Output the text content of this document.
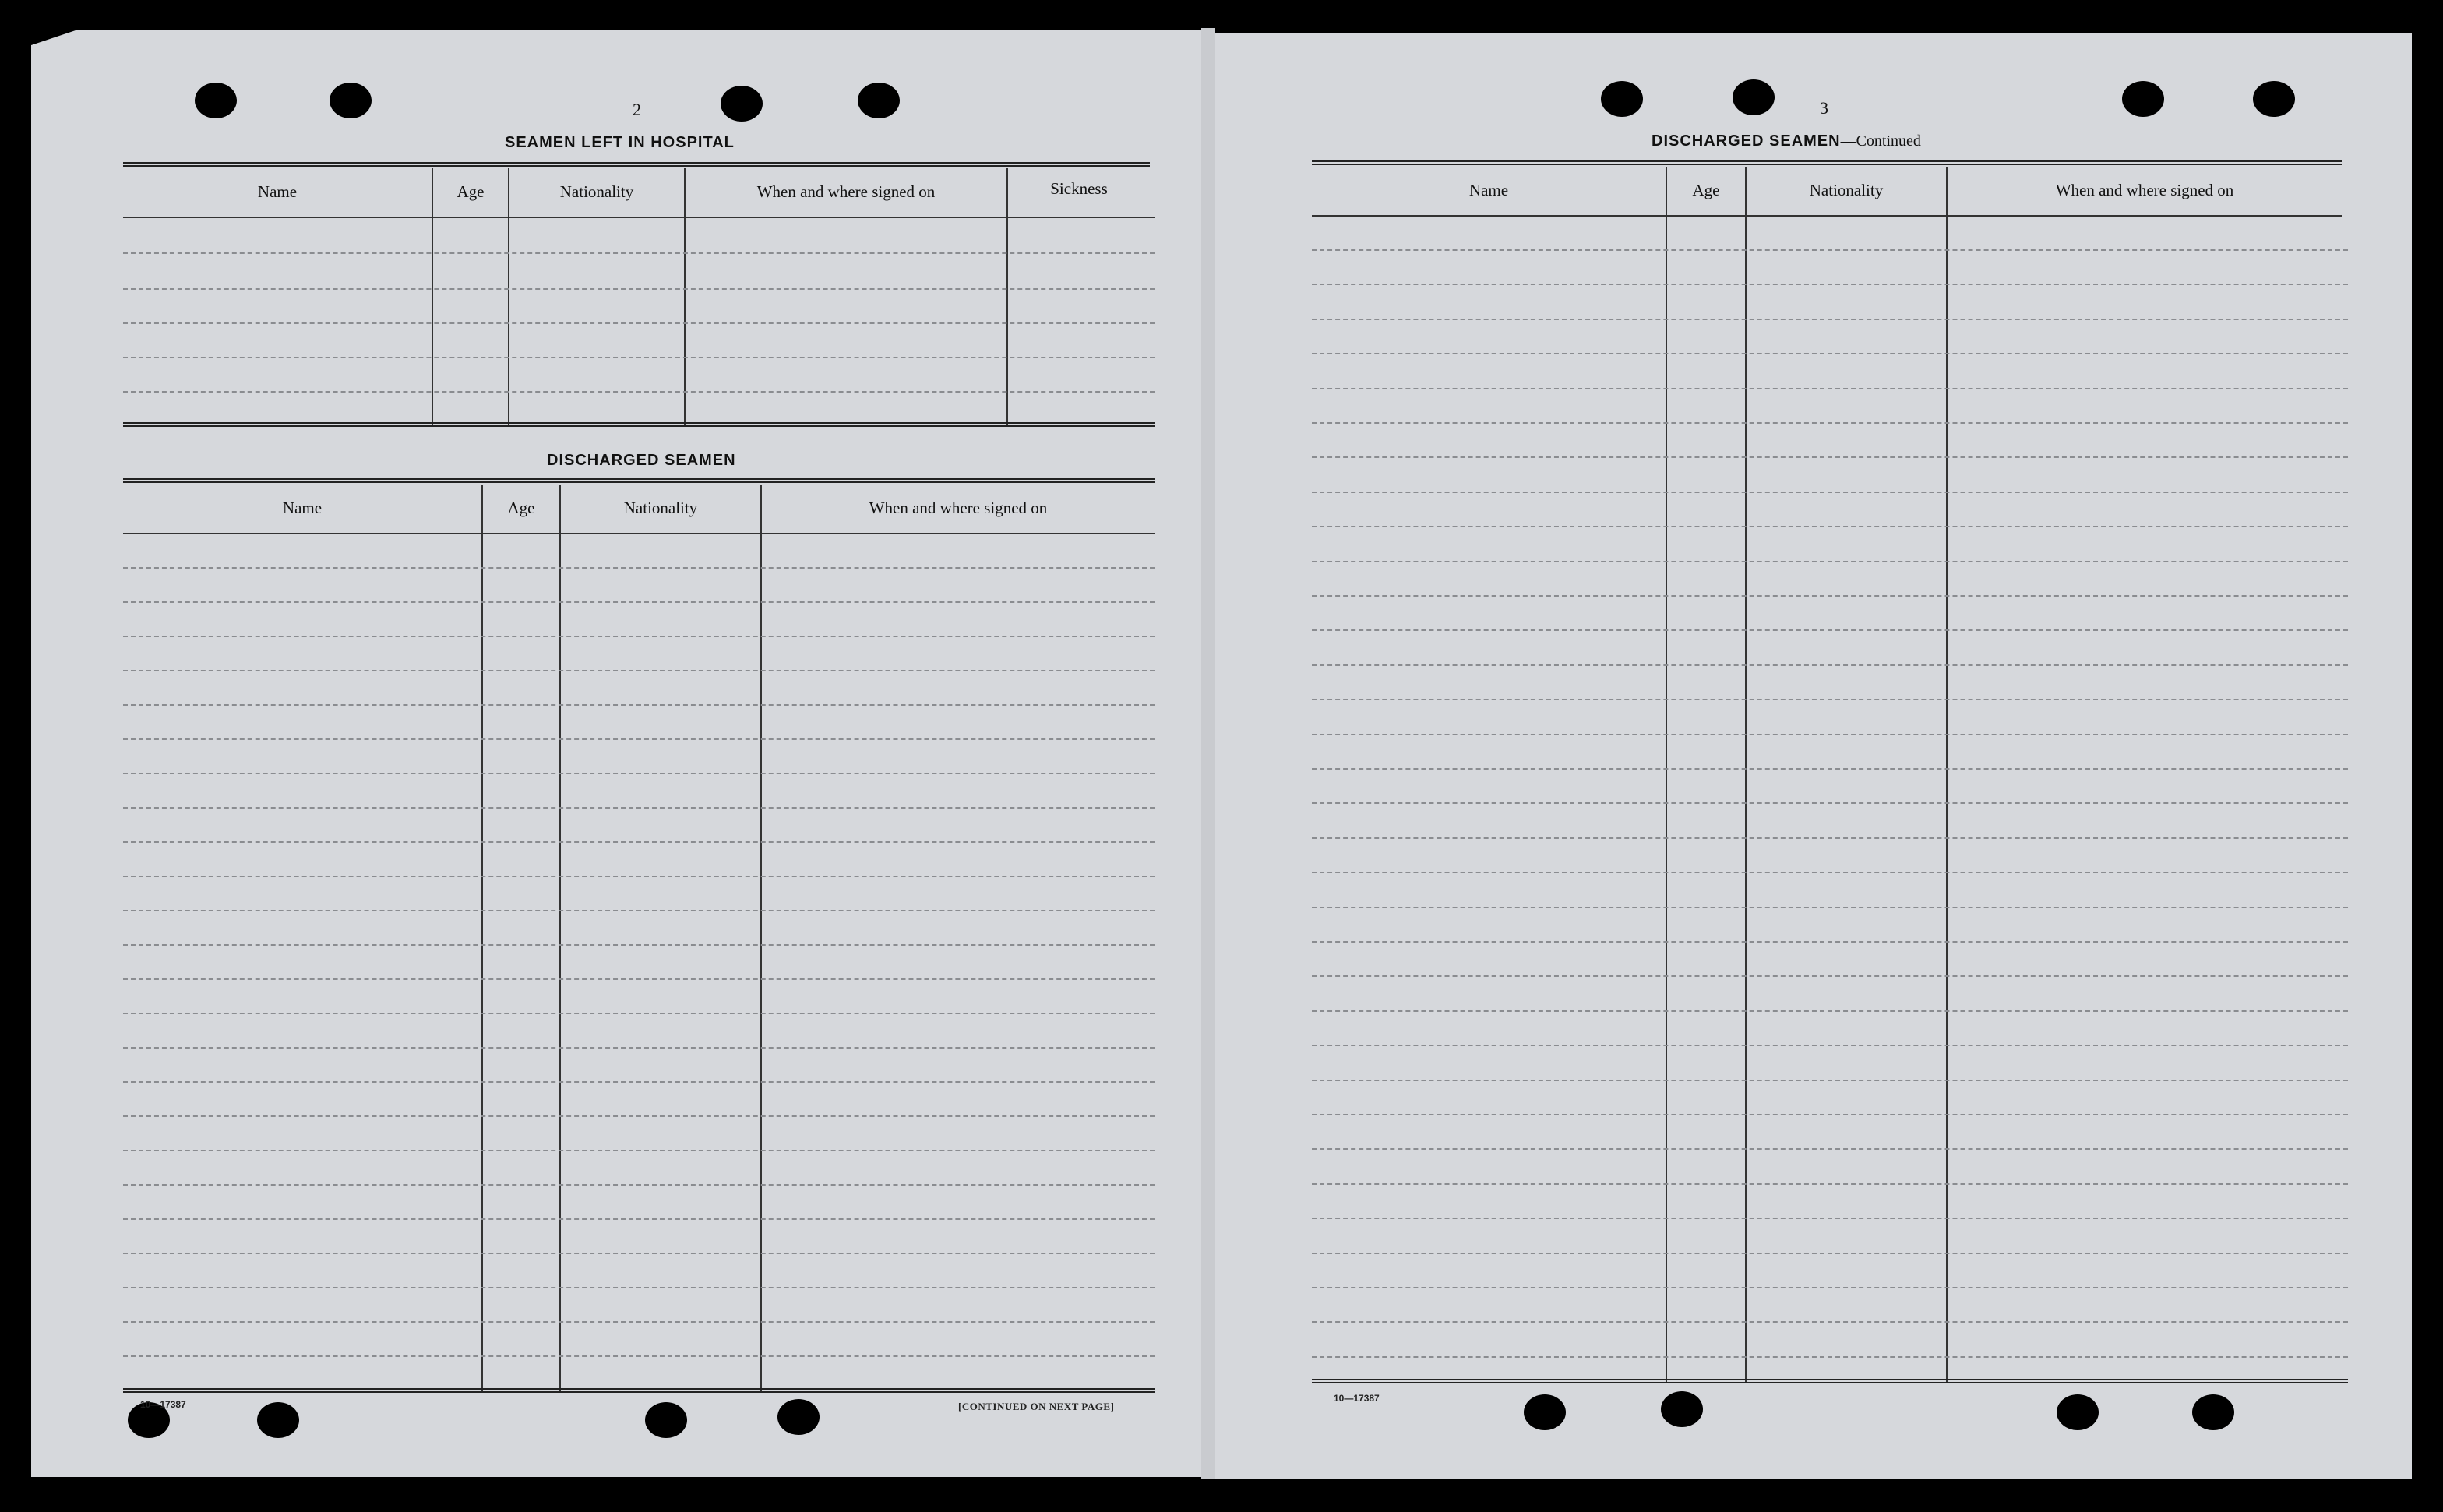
2
SEAMEN LEFT IN HOSPITAL
Name	Age	Nationality	When and where signed on	Sickness
DISCHARGED SEAMEN
Name	Age	Nationality	When and where signed on
10—17387	[CONTINUED ON NEXT PAGE]
3
DISCHARGED SEAMEN—Continued
Name	Age	Nationality	When and where signed on
10—17387
